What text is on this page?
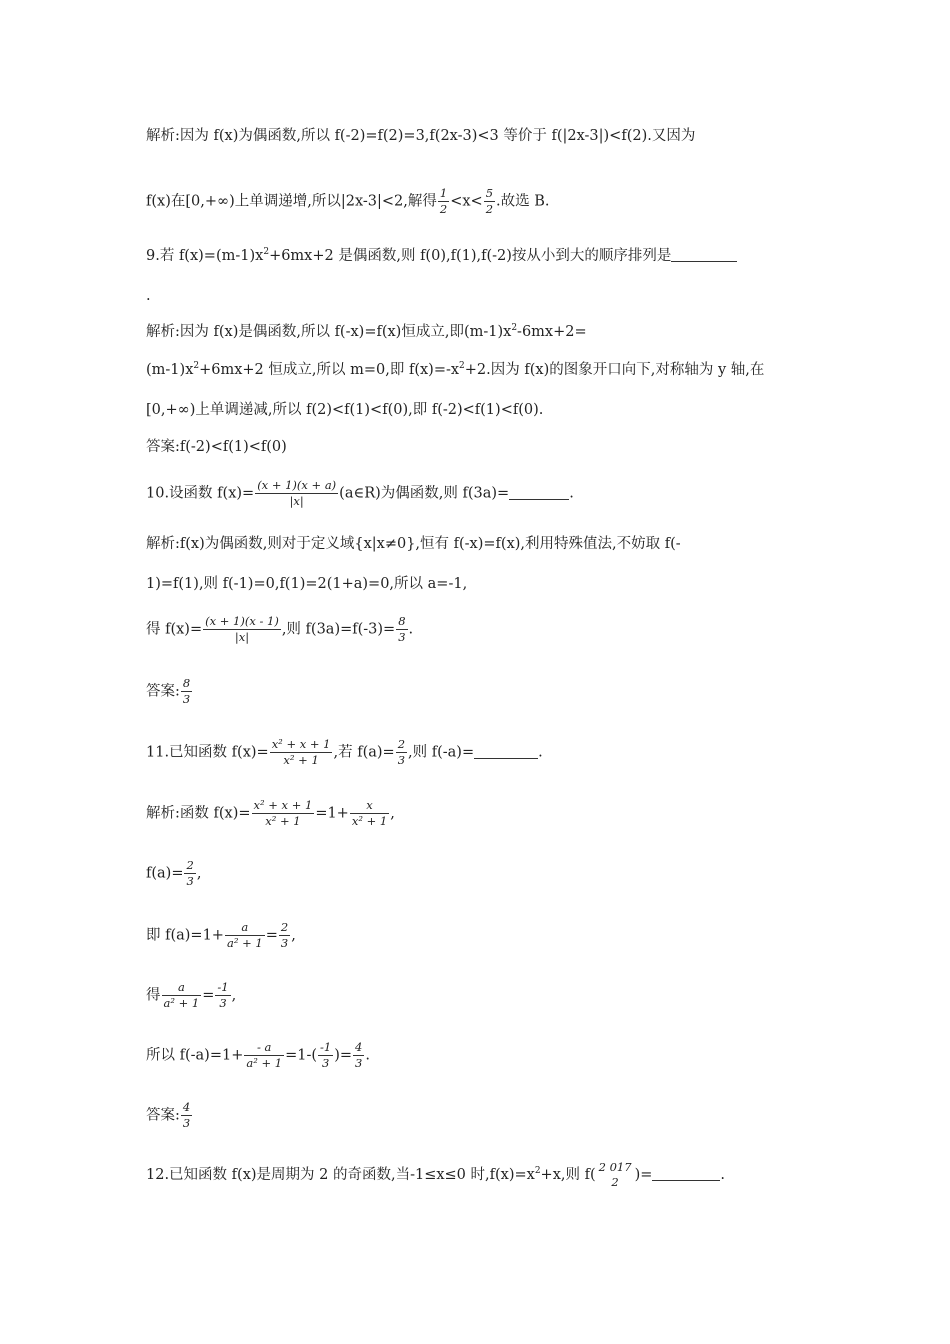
解析:因为 f(x)为偶函数,所以 f(-2)=f(2)=3,f(2x-3)<3 等价于 f(|2x-3|)<f(2).又因为
f(x)在[0,+∞)上单调递增,所以|2x-3|<2,解得 $\frac{1}{2} <x< \frac{5}{2}$ .故选 B.
9.若 $f(x)=(m-1)x^2+6mx+2$ 是偶函数,则 f(0),f(1),f(-2)按从小到大的顺序排列是
.
解析:因为 f(x)是偶函数,所以 f(-x)=f(x)恒成立,即$(m-1)x^2-6mx+2=$
$(m-1)x^2+6mx+2$ 恒成立,所以 m=0,即 $f(x)=-x^2+2$.因为 f(x)的图象开口向下,对称轴为 y 轴,在
[0,+∞)上单调递减,所以 f(2)<f(1)<f(0),即 f(-2)<f(1)<f(0).
答案:f(-2)<f(1)<f(0)
10.设函数 $f(x)= \frac{(x + 1)(x + a)}{|x|}$ (a∈R)为偶函数,则 f(3a)=	.
解析:f(x)为偶函数,则对于定义域{x|x≠0},恒有 f(-x)=f(x),利用特殊值法,不妨取 f(-
1)=f(1),则 f(-1)=0,f(1)=2(1+a)=0,所以 a=-1,
得 $f(x)= \frac{(x + 1)(x - 1)}{|x|}$ ,则 $f(3a)=f(-3)= \frac{8}{3}$ .
答案: $\frac{8}{3}$
11.已知函数 $f(x)= \frac{\text{x² + x + 1}}{\text{x² + 1}}$ ,若 $f(a)= \frac{2}{3}$ ,则 f(-a)=	.
解析:函数 $f(x)= \frac{\text{x² + x + 1}}{\text{x² + 1}} =1+ \frac{x}{\text{x² + 1}}$ ,
$f(a)= \frac{2}{3}$ ,
即 $f(a)=1+ \frac{a}{\text{a² + 1}} = \frac{2}{3}$ ,
得 $\frac{a}{\text{a² + 1}} = \frac{-1}{3}$ ,
所以 $f(-a)=1+ \frac{- a}{\text{a² + 1}} =1-( \frac{-1}{3}$ )= $\frac{4}{3}$ .
答案: $\frac{4}{3}$
12.已知函数 f(x)是周期为 2 的奇函数,当-1≤x≤0 时$,f(x)=x^2+x$,则 f( 2 017
2	)=	.
